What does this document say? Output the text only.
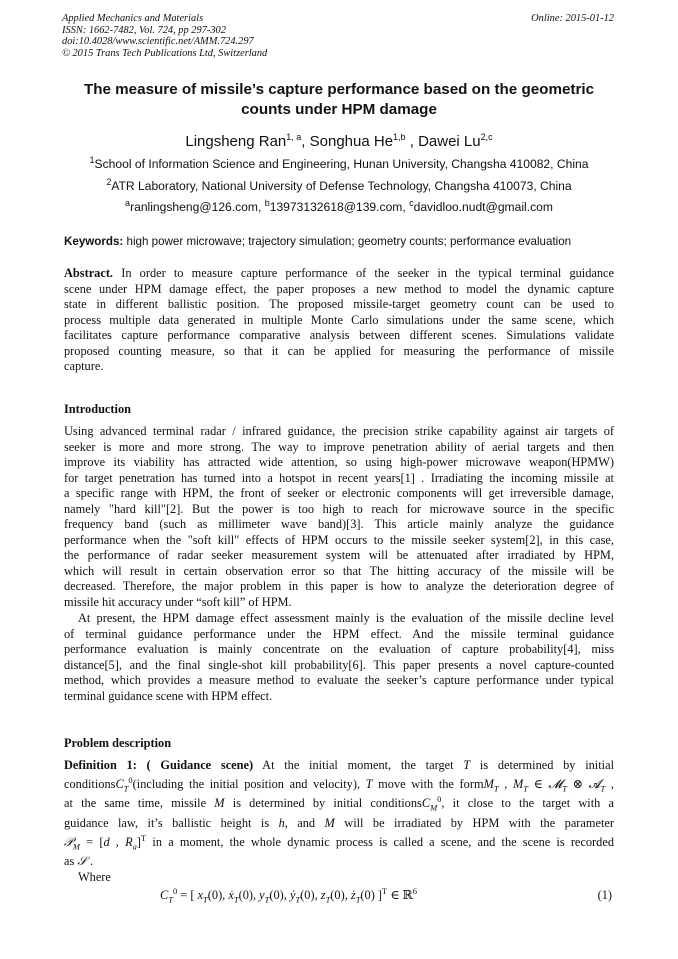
Applied Mechanics and Materials
ISSN: 1662-7482, Vol. 724, pp 297-302
doi:10.4028/www.scientific.net/AMM.724.297
© 2015 Trans Tech Publications Ltd, Switzerland
Online: 2015-01-12
The measure of missile’s capture performance based on the geometric
counts under HPM damage
Lingsheng Ran$^{1, a}$, Songhua He$^{1,b}$ , Dawei Lu$^{2,c}$
$^1$School of Information Science and Engineering, Hunan University, Changsha 410082, China
$^2$ATR Laboratory, National University of Defense Technology, Changsha 410073, China
$^a$ranlingsheng@126.com, $^b$13973132618@139.com, $^c$davidloo.nudt@gmail.com
Keywords: high power microwave; trajectory simulation; geometry counts; performance evaluation
Abstract. In order to measure capture performance of the seeker in the typical terminal guidance
scene under HPM damage effect, the paper proposes a new method to model the dynamic capture
state in different ballistic position. The proposed missile-target geometry count can be used to
process multiple data generated in multiple Monte Carlo simulations under the same scene, which
facilitates capture performance comparative analysis between different scenes. Simulations validate
proposed counting measure, so that it can be applied for measuring the performance of missile
capture.
Introduction
Using advanced terminal radar / infrared guidance, the precision strike capability against air targets of
seeker is more and more strong. The way to improve penetration ability of aerial targets and then
improve its viability has attracted wide attention, so using high-power microwave weapon(HPMW)
for target penetration has turned into a hotspot in recent years[1] . Irradiating the incoming missile at
a specific range with HPM, the front of seeker or electronic components will get irreversible damage,
namely "hard kill"[2]. But the power is too high to reach for microwave source in the specific
frequency band (such as millimeter wave band)[3]. This article mainly analyze the guidance
performance when the "soft kill" effects of HPM occurs to the missile seeker system[2], in this case,
the performance of radar seeker measurement system will be attenuated after irradiated by HPM,
which will result in certain observation error so that The hitting accuracy of the missile will be
decreased. Therefore, the major problem in this paper is how to analyze the deterioration degree of
missile hit accuracy under “soft kill” of HPM.
At present, the HPM damage effect assessment mainly is the evaluation of the missile decline level
of terminal guidance performance under the HPM effect. And the missile terminal guidance
performance evaluation is mainly concentrate on the evaluation of capture probability[4], miss
distance[5], and the final single-shot kill probability[6]. This paper presents a novel capture-counted
method, which provides a measure method to evaluate the seeker’s capture performance under typical
terminal guidance scene with HPM effect.
Problem description
Definition 1: ( Guidance scene) At the initial moment, the target T is determined by initial
conditionsC$_T^0$(including the initial position and velocity), T move with the formM$_T$ , $M_T$ ∈ 𝓜$_T$ ⊗ 𝓐$_T$ ,
at the same time, missile M is determined by initial conditionsC$_M^0$, it close to the target with a
guidance law, it’s ballistic height is h, and M will be irradiated by HPM with the parameter
𝒫$_M$ = [d , $R_a]^T$ in a moment, the whole dynamic process is called a scene, and the scene is recorded
as 𝒮 .
Where
$C_T^0$ = [ $x_T(0)$, ẋ$_T$(0), $y_T(0)$, ẏ$_T$(0), $z_T(0)$, $ż_T(0)$ ]$^T$ ∈ ℝ$^6$	(1)
